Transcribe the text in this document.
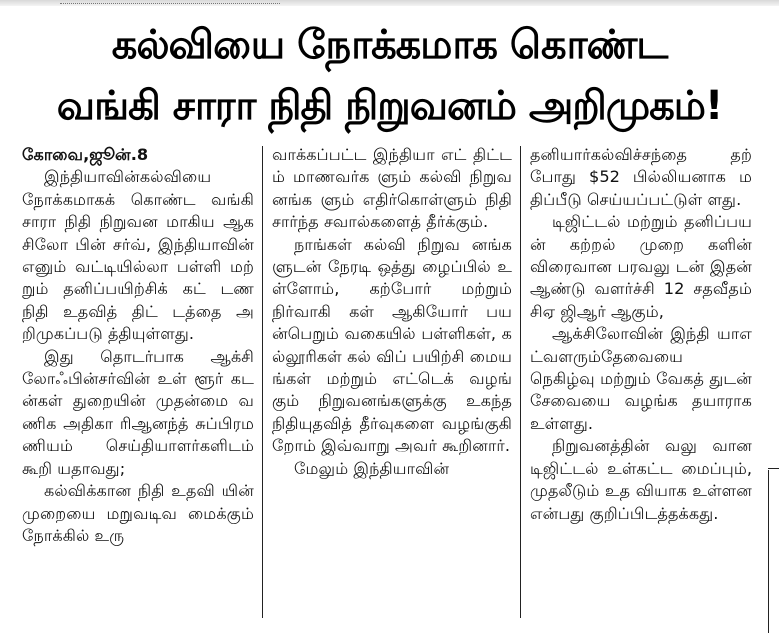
கல்வியை நோக்கமாக கொண்ட
வங்கி சாரா நிதி நிறுவனம் அறிமுகம்!

கோவை,ஜூன்.8

இந்தியாவின்கல்வியை நோக்கமாகக் கொண்ட வங்கி சாரா நிதி நிறுவன மாகிய ஆகசிலோ பின் சர்வ், இந்தியாவின் எனும் வட்டியில்லா பள்ளி மற் றும் தனிப்பயிற்சிக் கட் டண நிதி உதவித் திட் டத்தை அறிமுகப்படு த்தியுள்ளது.

இது தொடர்பாக ஆக்சி லோஃபின்சர்வின் உள் ளூர் கடன்கள் துறையின் முதன்மை வணிக அதிகா ரிஆனந்த் சுப்பிரமணியம் செய்தியாளர்களிடம் கூறி யதாவது;

கல்விக்கான நிதி உதவி யின் முறையை மறுவடிவ மைக்கும் நோக்கில் உரு

வாக்கப்பட்ட இந்தியா எட் திட்டம் மாணவர்க ளும் கல்வி நிறுவனங்க ளும் எதிர்கொள்ளும் நிதி சார்ந்த சவால்களைத் தீர்க்கும்.

நாங்கள் கல்வி நிறுவ னங்களுடன் நேரடி ஒத்து ழைப்பில் உள்ளோம், கற்போர் மற்றும் நிர்வாகி கள் ஆகியோர் பயன்பெறும் வகையில் பள்ளிகள், கல்லூரிகள் கல் விப் பயிற்சி மையங்கள் மற்றும் எட்டெக் வழங் கும் நிறுவனங்களுக்கு உகந்த நிதியுதவித் தீர்வுகளை வழங்குகி றோம் இவ்வாறு அவர் கூறினார்.

மேலும் இந்தியாவின்

தனியார்கல்விச்சந்தை தற் போது $52 பில்லியனாக மதிப்பீடு செய்யப்பட்டுள் ளது.

டிஜிட்டல் மற்றும் தனிப்பயன் கற்றல் முறை களின் விரைவான பரவலு டன் இதன் ஆண்டு வளர்ச்சி 12 சதவீதம் சிஏ ஜிஆர் ஆகும்,

ஆக்சிலோவின் இந்தி யாஎட்வளரும்தேவையை நெகிழ்வு மற்றும் வேகத் துடன் சேவையை வழங்க தயாராக உள்ளது.

நிறுவனத்தின் வலு வான டிஜிட்டல் உள்கட்ட மைப்பும், முதலீடும் உத வியாக உள்ளன என்பது குறிப்பிடத்தக்கது.
